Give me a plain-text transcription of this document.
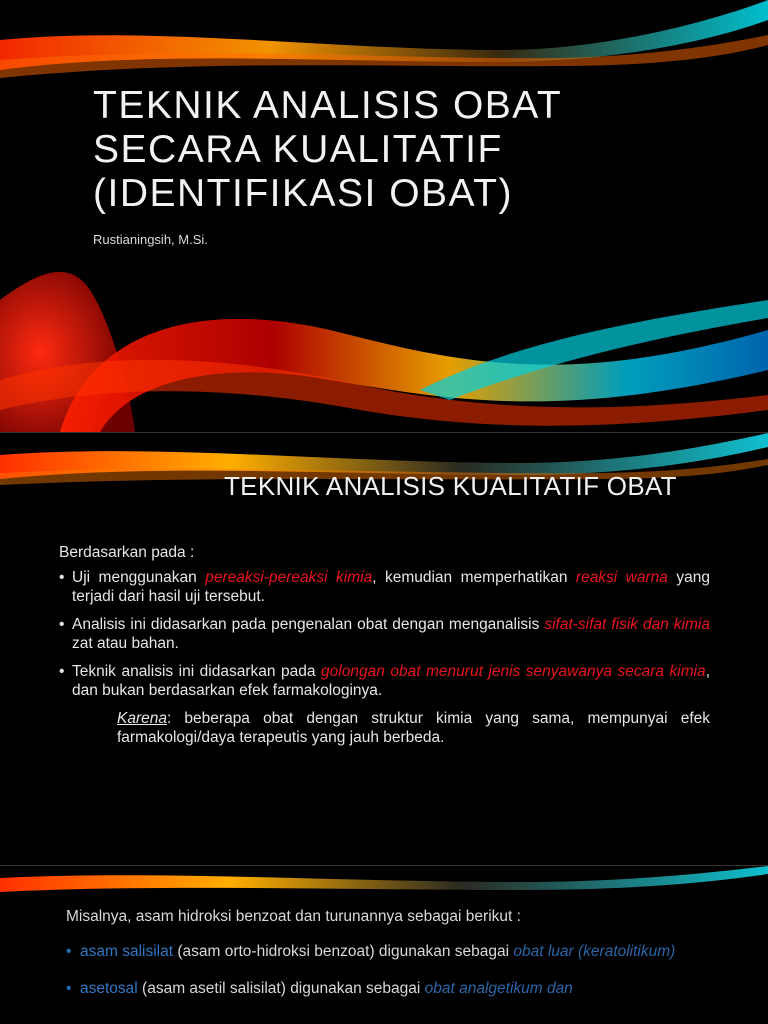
TEKNIK ANALISIS OBAT
SECARA KUALITATIF
(IDENTIFIKASI OBAT)
Rustianingsih, M.Si.
TEKNIK ANALISIS KUALITATIF OBAT

Berdasarkan pada :

• Uji menggunakan pereaksi-pereaksi kimia, kemudian memperhatikan reaksi warna yang terjadi dari hasil uji tersebut.
• Analisis ini didasarkan pada pengenalan obat dengan menganalisis sifat-sifat fisik dan kimia zat atau bahan.
• Teknik analisis ini didasarkan pada golongan obat menurut jenis senyawanya secara kimia, dan bukan berdasarkan efek farmakologinya.
Karena: beberapa obat dengan struktur kimia yang sama, mempunyai efek farmakologi/daya terapeutis yang jauh berbeda.

Misalnya, asam hidroksi benzoat dan turunannya sebagai berikut :

• asam salisilat (asam orto-hidroksi benzoat) digunakan sebagai obat luar (keratolitikum)
• asetosal (asam asetil salisilat) digunakan sebagai obat analgetikum dan
